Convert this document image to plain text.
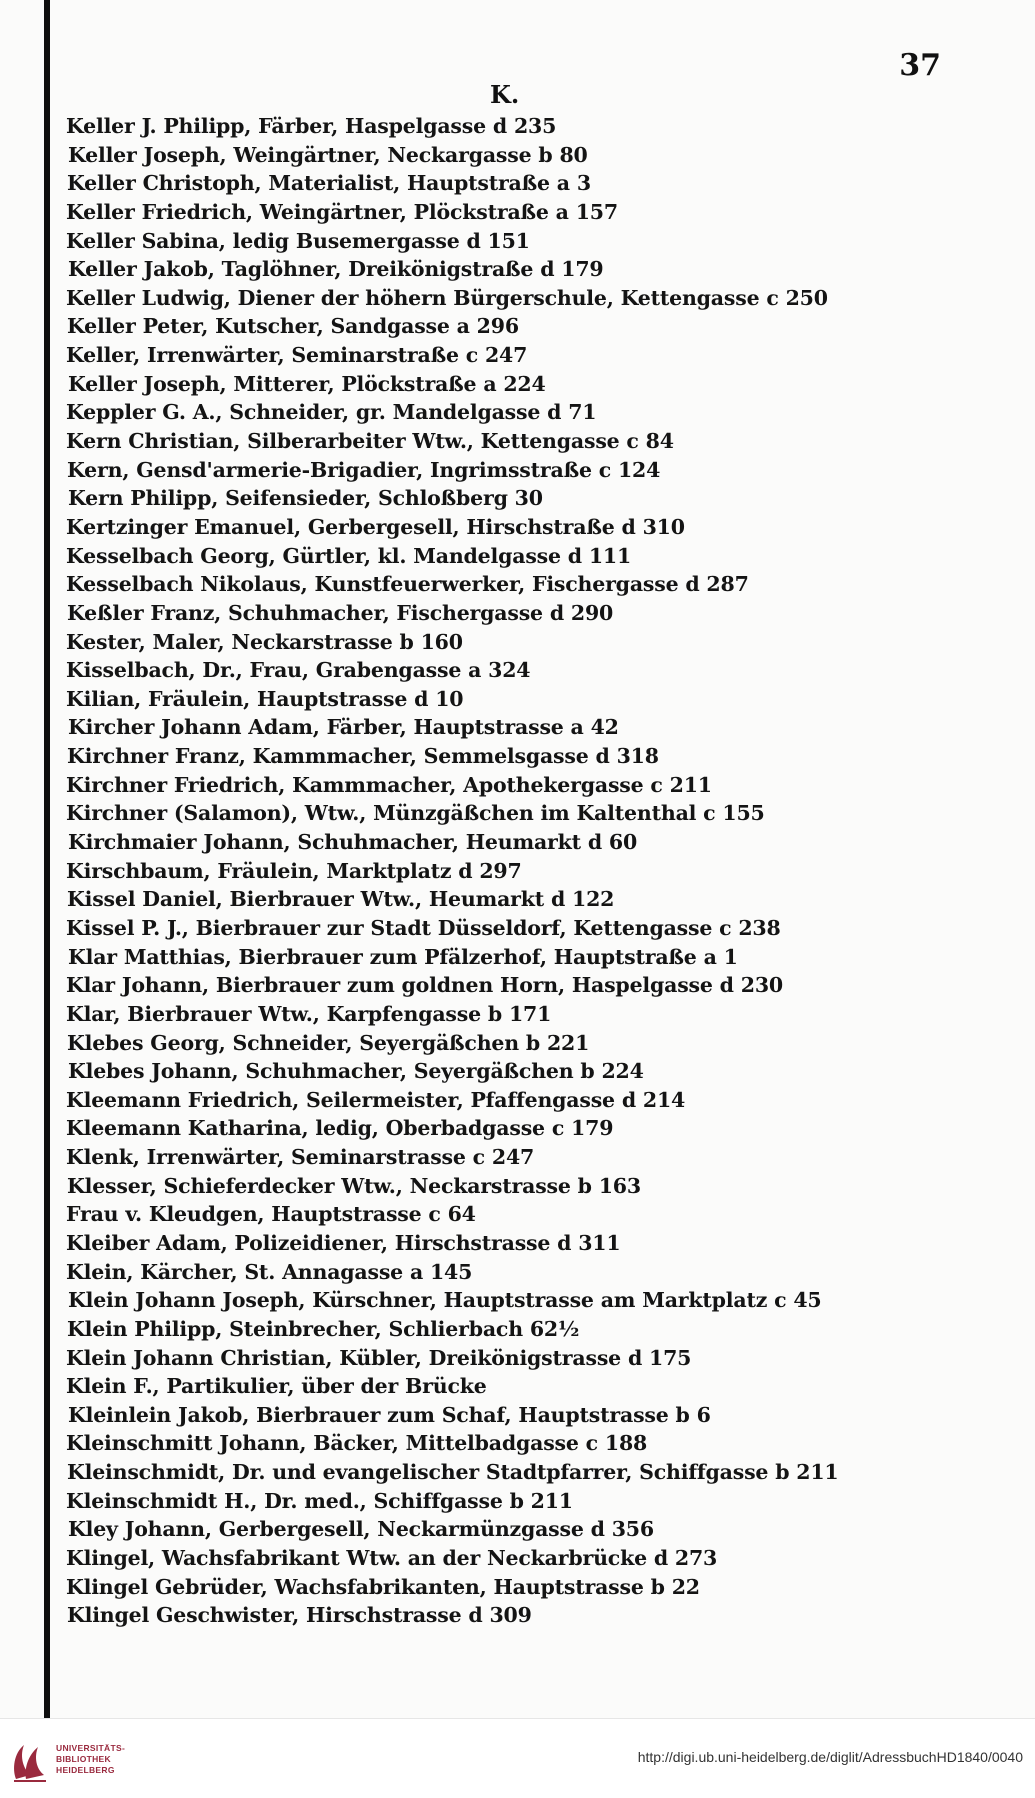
37

K.

Keller J. Philipp, Färber, Haspelgasse d 235
Keller Joseph, Weingärtner, Neckargasse b 80
Keller Christoph, Materialist, Hauptstraße a 3
Keller Friedrich, Weingärtner, Plöckstraße a 157
Keller Sabina, ledig Busemergasse d 151
Keller Jakob, Taglöhner, Dreikönigstraße d 179
Keller Ludwig, Diener der höhern Bürgerschule, Kettengasse c 250
Keller Peter, Kutscher, Sandgasse a 296
Keller, Irrenwärter, Seminarstraße c 247
Keller Joseph, Mitterer, Plöckstraße a 224
Keppler G. A., Schneider, gr. Mandelgasse d 71
Kern Christian, Silberarbeiter Wtw., Kettengasse c 84
Kern, Gensd'armerie-Brigadier, Ingrimsstraße c 124
Kern Philipp, Seifensieder, Schloßberg 30
Kertzinger Emanuel, Gerbergesell, Hirschstraße d 310
Kesselbach Georg, Gürtler, kl. Mandelgasse d 111
Kesselbach Nikolaus, Kunstfeuerwerker, Fischergasse d 287
Keßler Franz, Schuhmacher, Fischergasse d 290
Kester, Maler, Neckarstrasse b 160
Kisselbach, Dr., Frau, Grabengasse a 324
Kilian, Fräulein, Hauptstrasse d 10
Kircher Johann Adam, Färber, Hauptstrasse a 42
Kirchner Franz, Kammmacher, Semmelsgasse d 318
Kirchner Friedrich, Kammmacher, Apothekergasse c 211
Kirchner (Salamon), Wtw., Münzgäßchen im Kaltenthal c 155
Kirchmaier Johann, Schuhmacher, Heumarkt d 60
Kirschbaum, Fräulein, Marktplatz d 297
Kissel Daniel, Bierbrauer Wtw., Heumarkt d 122
Kissel P. J., Bierbrauer zur Stadt Düsseldorf, Kettengasse c 238
Klar Matthias, Bierbrauer zum Pfälzerhof, Hauptstraße a 1
Klar Johann, Bierbrauer zum goldnen Horn, Haspelgasse d 230
Klar, Bierbrauer Wtw., Karpfengasse b 171
Klebes Georg, Schneider, Seyergäßchen b 221
Klebes Johann, Schuhmacher, Seyergäßchen b 224
Kleemann Friedrich, Seilermeister, Pfaffengasse d 214
Kleemann Katharina, ledig, Oberbadgasse c 179
Klenk, Irrenwärter, Seminarstrasse c 247
Klesser, Schieferdecker Wtw., Neckarstrasse b 163
Frau v. Kleudgen, Hauptstrasse c 64
Kleiber Adam, Polizeidiener, Hirschstrasse d 311
Klein, Kärcher, St. Annagasse a 145
Klein Johann Joseph, Kürschner, Hauptstrasse am Marktplatz c 45
Klein Philipp, Steinbrecher, Schlierbach 62½
Klein Johann Christian, Kübler, Dreikönigstrasse d 175
Klein F., Partikulier, über der Brücke
Kleinlein Jakob, Bierbrauer zum Schaf, Hauptstrasse b 6
Kleinschmitt Johann, Bäcker, Mittelbadgasse c 188
Kleinschmidt, Dr. und evangelischer Stadtpfarrer, Schiffgasse b 211
Kleinschmidt H., Dr. med., Schiffgasse b 211
Kley Johann, Gerbergesell, Neckarmünzgasse d 356
Klingel, Wachsfabrikant Wtw. an der Neckarbrücke d 273
Klingel Gebrüder, Wachsfabrikanten, Hauptstrasse b 22
Klingel Geschwister, Hirschstrasse d 309
UNIVERSITÄTS-
BIBLIOTHEK
HEIDELBERG
http://digi.ub.uni-heidelberg.de/diglit/AdressbuchHD1840/0040
